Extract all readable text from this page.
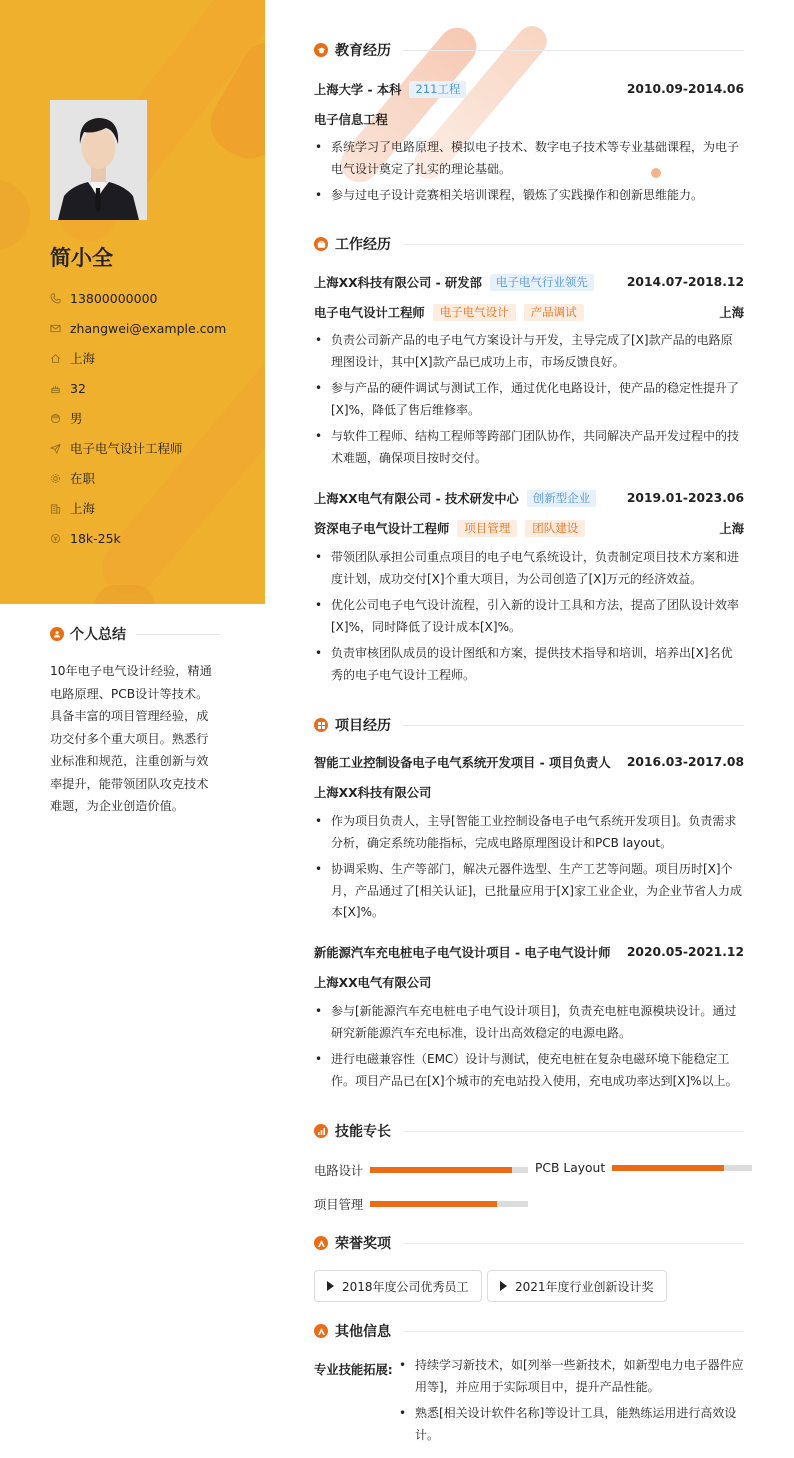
简小全
13800000000
zhangwei@example.com
上海
32
男
电子电气设计工程师
在职
上海
18k-25k
个人总结
10年电子电气设计经验，精通电路原理、PCB设计等技术。具备丰富的项目管理经验，成功交付多个重大项目。熟悉行业标准和规范，注重创新与效率提升，能带领团队攻克技术难题，为企业创造价值。
教育经历
上海大学 - 本科	211工程	2010.09-2014.06
电子信息工程
• 系统学习了电路原理、模拟电子技术、数字电子技术等专业基础课程，为电子电气设计奠定了扎实的理论基础。
• 参与过电子设计竞赛相关培训课程，锻炼了实践操作和创新思维能力。
工作经历
上海XX科技有限公司 - 研发部	电子电气行业领先	2014.07-2018.12
电子电气设计工程师	电子电气设计	产品调试	上海
• 负责公司新产品的电子电气方案设计与开发，主导完成了[X]款产品的电路原理图设计，其中[X]款产品已成功上市，市场反馈良好。
• 参与产品的硬件调试与测试工作，通过优化电路设计，使产品的稳定性提升了[X]%，降低了售后维修率。
• 与软件工程师、结构工程师等跨部门团队协作，共同解决产品开发过程中的技术难题，确保项目按时交付。
上海XX电气有限公司 - 技术研发中心	创新型企业	2019.01-2023.06
资深电子电气设计工程师	项目管理	团队建设	上海
• 带领团队承担公司重点项目的电子电气系统设计，负责制定项目技术方案和进度计划，成功交付[X]个重大项目，为公司创造了[X]万元的经济效益。
• 优化公司电子电气设计流程，引入新的设计工具和方法，提高了团队设计效率[X]%，同时降低了设计成本[X]%。
• 负责审核团队成员的设计图纸和方案，提供技术指导和培训，培养出[X]名优秀的电子电气设计工程师。
项目经历
智能工业控制设备电子电气系统开发项目 - 项目负责人 2016.03-2017.08
上海XX科技有限公司
• 作为项目负责人，主导[智能工业控制设备电子电气系统开发项目]。负责需求分析，确定系统功能指标，完成电路原理图设计和PCB layout。
• 协调采购、生产等部门，解决元器件选型、生产工艺等问题。项目历时[X]个月，产品通过了[相关认证]，已批量应用于[X]家工业企业，为企业节省人力成本[X]%。
新能源汽车充电桩电子电气设计项目 - 电子电气设计师 2020.05-2021.12
上海XX电气有限公司
• 参与[新能源汽车充电桩电子电气设计项目]，负责充电桩电源模块设计。通过研究新能源汽车充电标准，设计出高效稳定的电源电路。
• 进行电磁兼容性（EMC）设计与测试，使充电桩在复杂电磁环境下能稳定工作。项目产品已在[X]个城市的充电站投入使用，充电成功率达到[X]%以上。
技能专长
电路设计	PCB Layout
项目管理
荣誉奖项
2018年度公司优秀员工	2021年度行业创新设计奖
其他信息
专业技能拓展:
•	持续学习新技术，如[列举一些新技术，如新型电力电子器件应用等]，并应用于实际项目中，提升产品性能。
• 熟悉[相关设计软件名称]等设计工具，能熟练运用进行高效设计。
